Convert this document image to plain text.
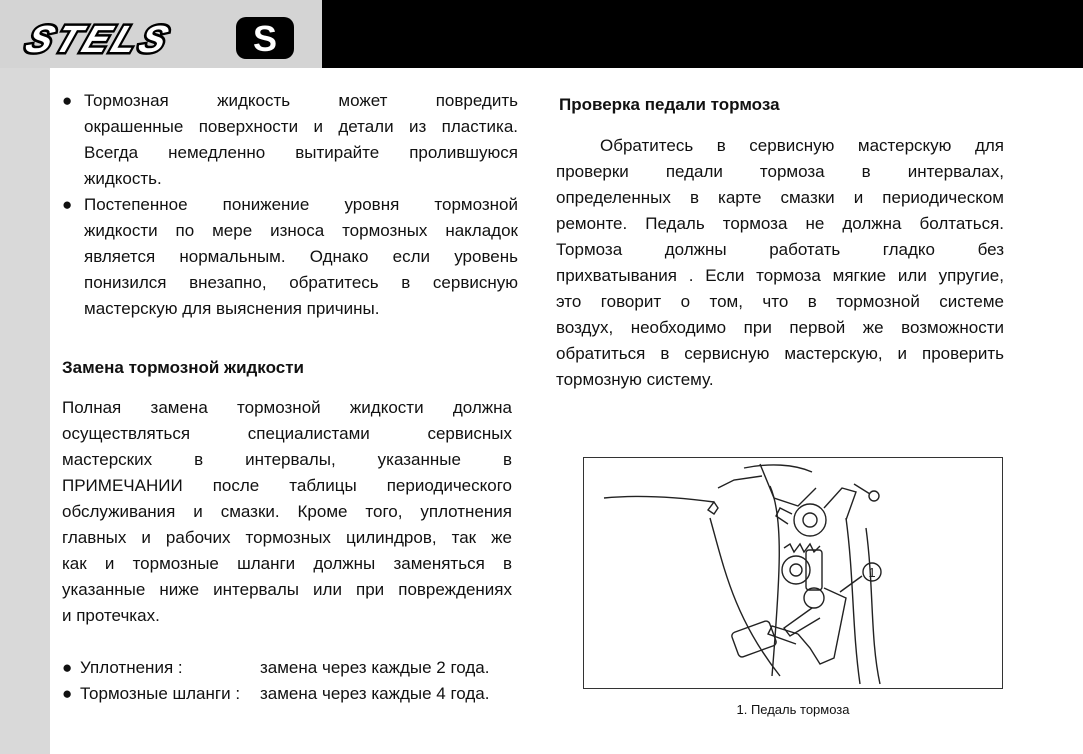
STELS S
● Тормозная жидкость может повредить

окрашенные поверхности и детали из пластика.

Всегда немедленно вытирайте пролившуюся

жидкость.

● Постепенное понижение уровня тормозной

жидкости по мере износа тормозных накладок

является нормальным. Однако если уровень

понизился внезапно, обратитесь в сервисную

мастерскую для выяснения причины.

Замена тормозной жидкости

Полная замена тормозной жидкости должна

осуществляться специалистами сервисных

мастерских в интервалы, указанные в

ПРИМЕЧАНИИ после таблицы периодического

обслуживания и смазки. Кроме того, уплотнения

главных и рабочих тормозных цилиндров, так же

как и тормозные шланги должны заменяться в

указанные ниже интервалы или при повреждениях

и протечках.

● Уплотнения :	замена через каждые 2 года.
● Тормозные шланги : замена через каждые 4 года.

Проверка педали тормоза

Обратитесь в сервисную мастерскую для

проверки педали тормоза в интервалах,

определенных в карте смазки и периодическом

ремонте. Педаль тормоза не должна болтаться.

Тормоза должны работать гладко без

прихватывания . Если тормоза мягкие или упругие,

это говорит о том, что в тормозной системе

воздух, необходимо при первой же возможности

обратиться в сервисную мастерскую, и проверить

тормозную систему.

1
1. Педаль тормоза
